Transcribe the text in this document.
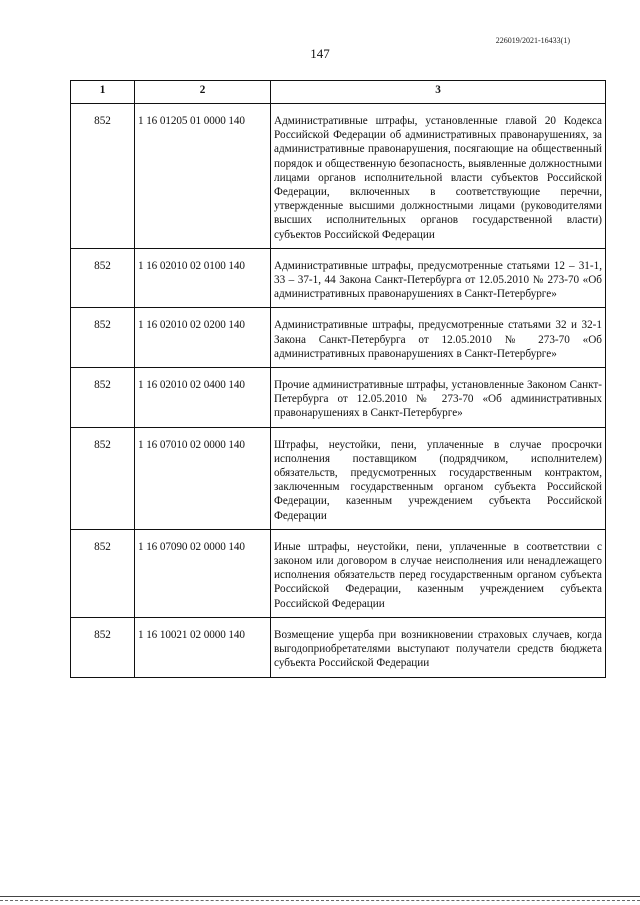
226019/2021-16433(1)
147
1	2	3
852	1 16 01205 01 0000 140	Административные штрафы, установленные главой 20 Кодекса Российской Федерации об административных правонарушениях, за административные правонарушения, посягающие на общественный порядок и общественную безопасность, выявленные должностными лицами органов исполнительной власти субъектов Российской Федерации, включенных в соответствующие перечни, утвержденные высшими должностными лицами (руководителями высших исполнительных органов государственной власти) субъектов Российской Федерации
852	1 16 02010 02 0100 140	Административные штрафы, предусмотренные статьями 12 – 31-1, 33 – 37-1, 44 Закона Санкт-Петербурга от 12.05.2010 № 273-70 «Об административных правонарушениях в Санкт-Петербурге»
852	1 16 02010 02 0200 140	Административные штрафы, предусмотренные статьями 32 и 32-1 Закона Санкт-Петербурга от 12.05.2010 № 273-70 «Об административных правонарушениях в Санкт-Петербурге»
852	1 16 02010 02 0400 140	Прочие административные штрафы, установленные Законом Санкт-Петербурга от 12.05.2010 № 273-70 «Об административных правонарушениях в Санкт-Петербурге»
852	1 16 07010 02 0000 140	Штрафы, неустойки, пени, уплаченные в случае просрочки исполнения поставщиком (подрядчиком, исполнителем) обязательств, предусмотренных государственным контрактом, заключенным государственным органом субъекта Российской Федерации, казенным учреждением субъекта Российской Федерации
852	1 16 07090 02 0000 140	Иные штрафы, неустойки, пени, уплаченные в соответствии с законом или договором в случае неисполнения или ненадлежащего исполнения обязательств перед государственным органом субъекта Российской Федерации, казенным учреждением субъекта Российской Федерации
852	1 16 10021 02 0000 140	Возмещение ущерба при возникновении страховых случаев, когда выгодоприобретателями выступают получатели средств бюджета субъекта Российской Федерации
